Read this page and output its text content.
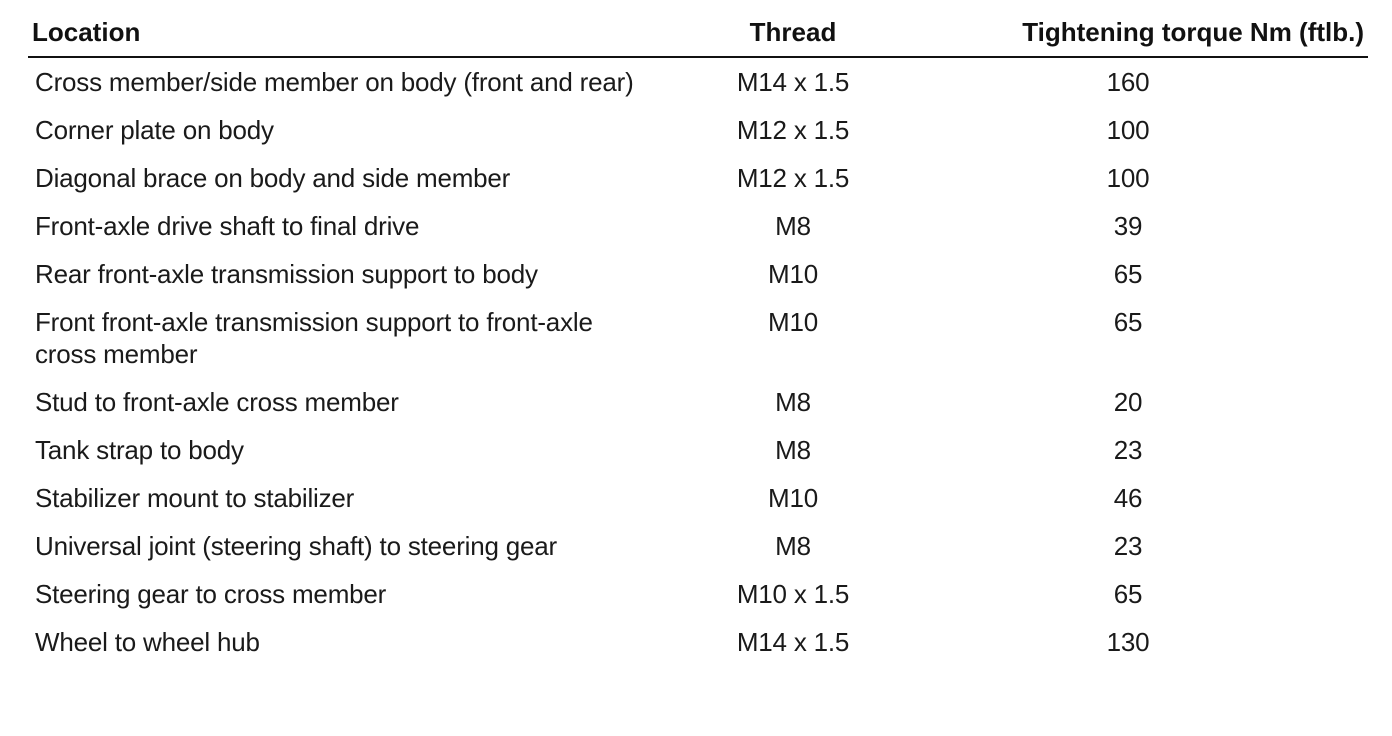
Location	Thread	Tightening torque Nm (ftlb.)
Cross member/side member on body (front and rear)	M14 x 1.5	160
Corner plate on body	M12 x 1.5	100
Diagonal brace on body and side member	M12 x 1.5	100
Front-axle drive shaft to final drive	M8	39
Rear front-axle transmission support to body	M10	65
Front front-axle transmission support to front-axle cross member	M10	65
Stud to front-axle cross member	M8	20
Tank strap to body	M8	23
Stabilizer mount to stabilizer	M10	46
Universal joint (steering shaft) to steering gear	M8	23
Steering gear to cross member	M10 x 1.5	65
Wheel to wheel hub	M14 x 1.5	130
